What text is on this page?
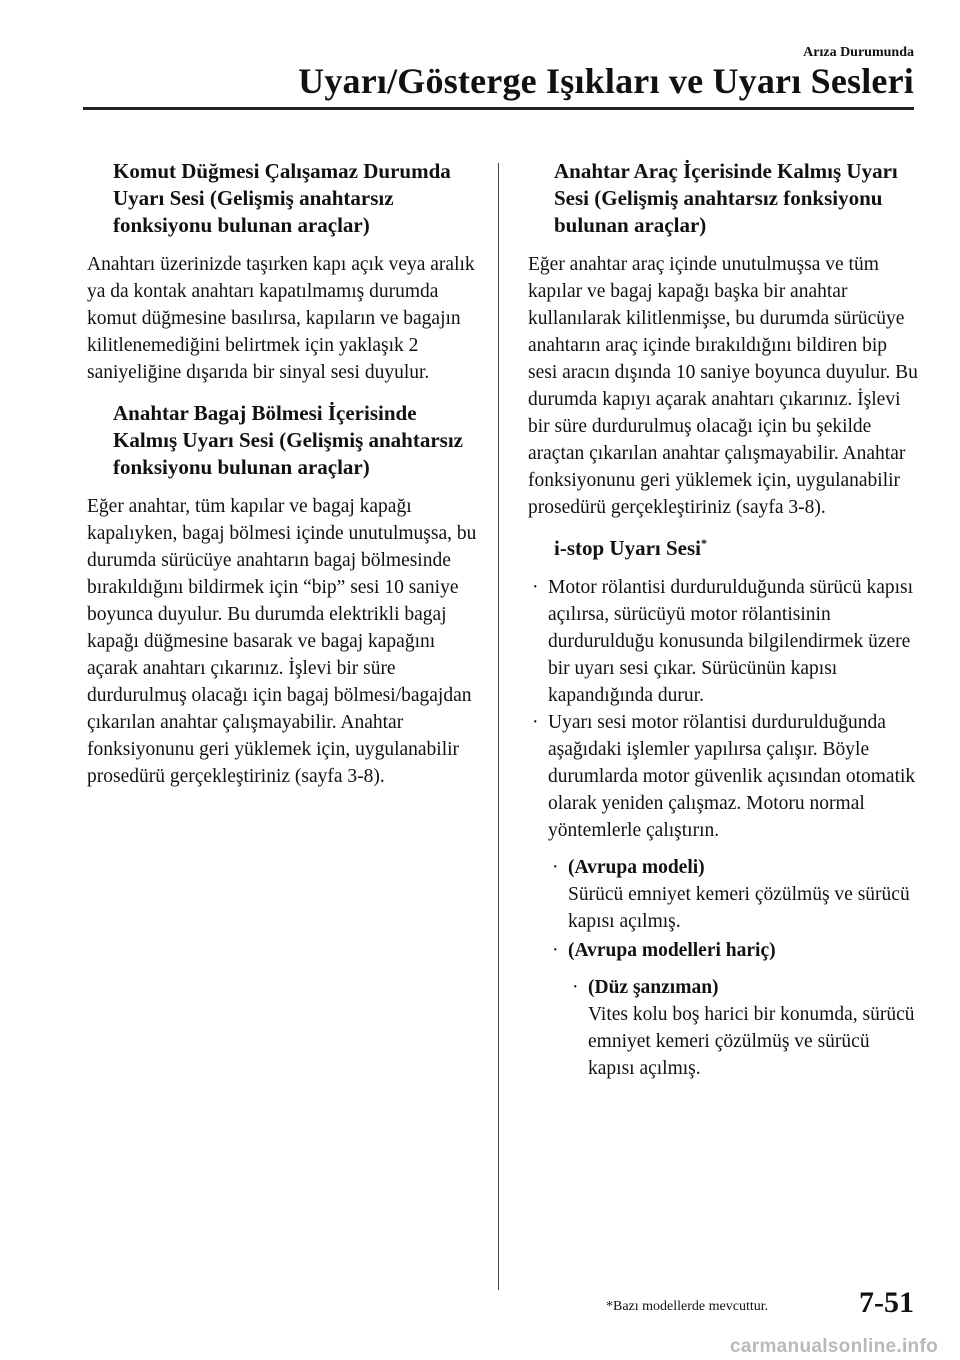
Arıza Durumunda
Uyarı/Gösterge Işıkları ve Uyarı Sesleri
Komut Düğmesi Çalışamaz Durumda Uyarı Sesi (Gelişmiş anahtarsız fonksiyonu bulunan araçlar)
Anahtarı üzerinizde taşırken kapı açık veya aralık ya da kontak anahtarı kapatılmamış durumda komut düğmesine basılırsa, kapıların ve bagajın kilitlenemediğini belirtmek için yaklaşık 2 saniyeliğine dışarıda bir sinyal sesi duyulur.
Anahtar Bagaj Bölmesi İçerisinde Kalmış Uyarı Sesi (Gelişmiş anahtarsız fonksiyonu bulunan araçlar)
Eğer anahtar, tüm kapılar ve bagaj kapağı kapalıyken, bagaj bölmesi içinde unutulmuşsa, bu durumda sürücüye anahtarın bagaj bölmesinde bırakıldığını bildirmek için “bip” sesi 10 saniye boyunca duyulur. Bu durumda elektrikli bagaj kapağı düğmesine basarak ve bagaj kapağını açarak anahtarı çıkarınız. İşlevi bir süre durdurulmuş olacağı için bagaj bölmesi/bagajdan çıkarılan anahtar çalışmayabilir. Anahtar fonksiyonunu geri yüklemek için, uygulanabilir prosedürü gerçekleştiriniz (sayfa 3-8).
Anahtar Araç İçerisinde Kalmış Uyarı Sesi (Gelişmiş anahtarsız fonksiyonu bulunan araçlar)
Eğer anahtar araç içinde unutulmuşsa ve tüm kapılar ve bagaj kapağı başka bir anahtar kullanılarak kilitlenmişse, bu durumda sürücüye anahtarın araç içinde bırakıldığını bildiren bip sesi aracın dışında 10 saniye boyunca duyulur. Bu durumda kapıyı açarak anahtarı çıkarınız. İşlevi bir süre durdurulmuş olacağı için bu şekilde araçtan çıkarılan anahtar çalışmayabilir. Anahtar fonksiyonunu geri yüklemek için, uygulanabilir prosedürü gerçekleştiriniz (sayfa 3-8).
i-stop Uyarı Sesi*
· Motor rölantisi durdurulduğunda sürücü kapısı açılırsa, sürücüyü motor rölantisinin durdurulduğu konusunda bilgilendirmek üzere bir uyarı sesi çıkar. Sürücünün kapısı kapandığında durur.
· Uyarı sesi motor rölantisi durdurulduğunda aşağıdaki işlemler yapılırsa çalışır. Böyle durumlarda motor güvenlik açısından otomatik olarak yeniden çalışmaz. Motoru normal yöntemlerle çalıştırın.
· (Avrupa modeli)
Sürücü emniyet kemeri çözülmüş ve sürücü kapısı açılmış.
· (Avrupa modelleri hariç)
· (Düz şanzıman)
Vites kolu boş harici bir konumda, sürücü emniyet kemeri çözülmüş ve sürücü kapısı açılmış.
*Bazı modellerde mevcuttur.	7-51
carmanualsonline.info
